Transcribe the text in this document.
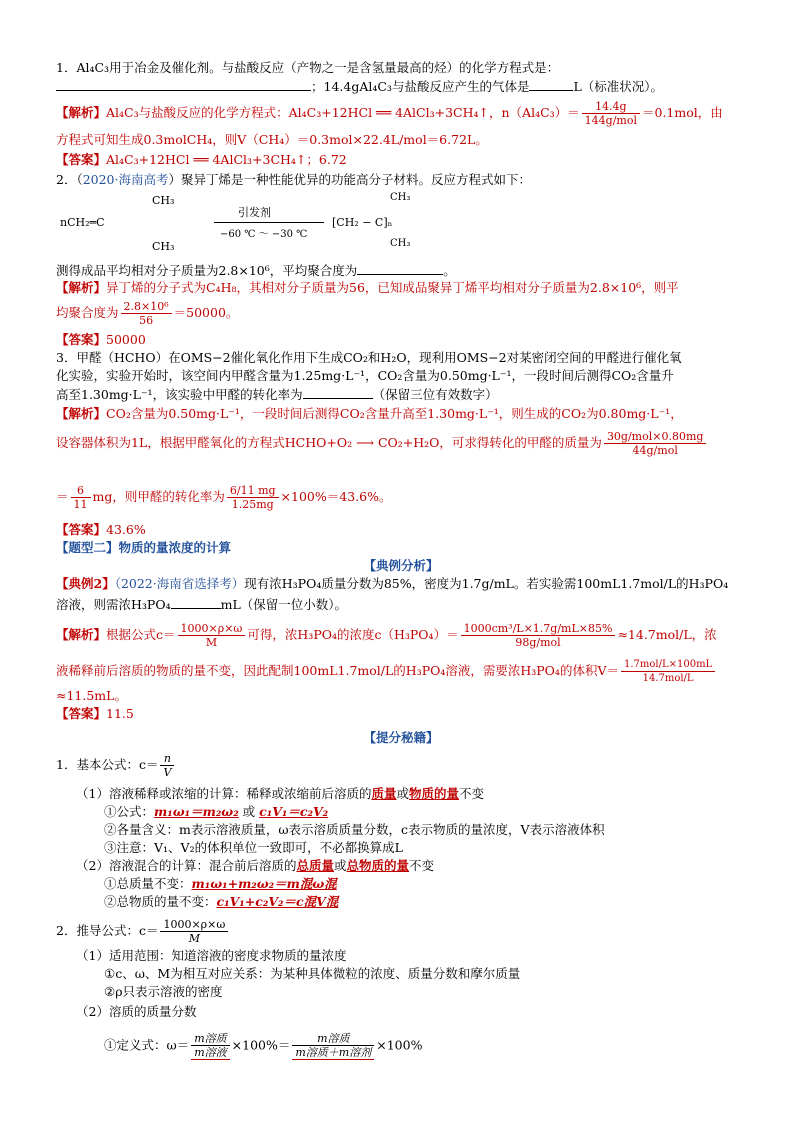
1．Al₄C₃用于冶金及催化剂。与盐酸反应（产物之一是含氢量最高的烃）的化学方程式是：
；14.4gAl₄C₃与盐酸反应产生的气体是	L（标准状况）。
【解析】Al₄C₃与盐酸反应的化学方程式：Al₄C₃+12HCl ══ 4AlCl₃+3CH₄↑，$n(Al_4C_3)= \frac{14.4g}{\text{144g/mol}} =0.1mol$，由
方程式可知生成0.3molCH₄，则V（CH₄）＝0.3mol×22.4L/mol＝6.72L。
【答案】Al₄C₃+12HCl ══ 4AlCl₃+3CH₄↑；6.72
2．（2020·海南高考）聚异丁烯是一种性能优异的功能高分子材料。反应方程式如下：
CH₃
nCH₂═C
CH₃	CH₃
CH₃
引发剂
−60 ℃ ～ −30 ℃
[CH₂ − C]ₙ
测得成品平均相对分子质量为2.8×10⁶，平均聚合度为	。
【解析】异丁烯的分子式为C₄H₈，其相对分子质量为56，已知成品聚异丁烯平均相对分子质量为2.8×10⁶，则平
均聚合度为 $\frac{\text{2.8×10⁶}}{56} =50000$。
【答案】50000
3．甲醛（HCHO）在OMS−2催化氧化作用下生成CO₂和H₂O，现利用OMS−2对某密闭空间的甲醛进行催化氧
化实验，实验开始时，该空间内甲醛含量为1.25mg·L⁻¹，CO₂含量为0.50mg·L⁻¹，一段时间后测得CO₂含量升
高至1.30mg·L⁻¹，该实验中甲醛的转化率为	（保留三位有效数字）
【解析】CO₂含量为0.50mg·L⁻¹，一段时间后测得CO₂含量升高至1.30mg·L⁻¹，则生成的CO₂为0.80mg·L⁻¹，
设容器体积为1L，根据甲醛氧化的方程式HCHO+O₂ ⟶ CO₂+H₂O，可求得转化的甲醛的质量为 $\frac{\text{30g/mol×0.80mg}}{\text{44g/mol}}$
＝ $\frac{6}{11}$ mg，则甲醛的转化率为 $\frac{6/11 mg}{1.25mg} \times 100\%=43.6\%$。
【答案】43.6%
【题型二】物质的量浓度的计算
【典例分析】
【典例2】（2022·海南省选择考）现有浓H₃PO₄质量分数为85%，密度为1.7g/mL。若实验需100mL1.7mol/L的H₃PO₄
溶液，则需浓H₃PO₄	mL（保留一位小数）。
【解析】根据公式$c= \frac{1000\times\rho\times\omega}{M}$ 可得，浓H₃PO₄的浓度$c(H_3PO_4)= \frac{\text{1000cm³/L×1.7g/mL×85\%}}{\text{98g/mol}} \approx 14.7mol/L$，浓
液稀释前后溶质的物质的量不变，因此配制100mL1.7mol/L的H₃PO₄溶液，需要浓H₃PO₄的体积$V= \frac{\text{1.7mol/L×100mL}}{\text{14.7mol/L}}$
≈11.5mL。
【答案】11.5
【提分秘籍】
1．基本公式：$c= \frac{n}{V}$
（1）溶液稀释或浓缩的计算：稀释或浓缩前后溶质的质量或物质的量不变
①公式：m₁ω₁＝m₂ω₂ 或 c₁V₁＝c₂V₂
②各量含义：m表示溶液质量，ω表示溶质质量分数，c表示物质的量浓度，V表示溶液体积
③注意：V₁、V₂的体积单位一致即可，不必都换算成L
（2）溶液混合的计算：混合前后溶质的总质量或总物质的量不变
①总质量不变：m₁ω₁+m₂ω₂＝m混ω混
②总物质的量不变：c₁V₁+c₂V₂＝c混V混
2．推导公式：$c= \frac{1000\times\rho\times\omega}{M}$
（1）适用范围：知道溶液的密度求物质的量浓度
①c、ω、M为相互对应关系：为某种具体微粒的浓度、质量分数和摩尔质量
②ρ只表示溶液的密度
（2）溶质的质量分数
①定义式：$\omega= \frac{\text{m溶质}}{\text{m溶液}} \times 100\%= \frac{\text{m溶质}}{\text{m溶质＋m溶剂}} \times 100\%$
